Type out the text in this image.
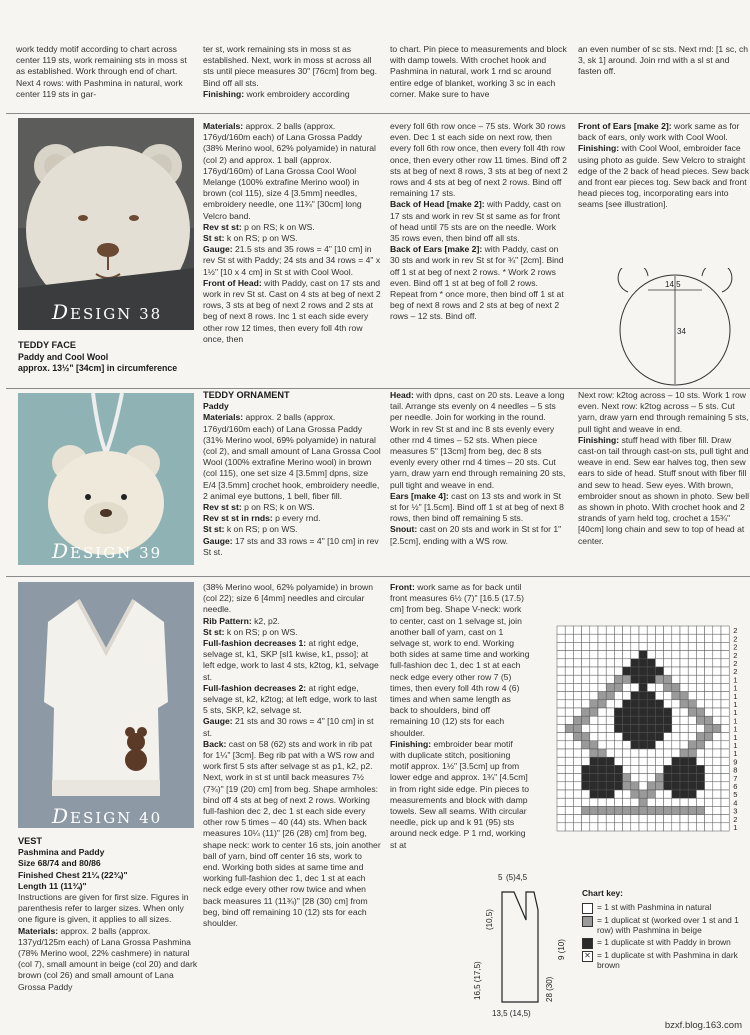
work teddy motif according to chart across center 119 sts, work remaining sts in moss st as established. Work through end of chart. Next 4 rows: with Pashmina in natural, work center 119 sts in gar-

ter st, work remaining sts in moss st as established. Next, work in moss st across all sts until piece measures 30" [76cm] from beg. Bind off all sts.

Finishing: work embroidery according

to chart. Pin piece to measurements and block with damp towels. With crochet hook and Pashmina in natural, work 1 rnd sc around entire edge of blanket, working 3 sc in each corner. Make sure to have

an even number of sc sts. Next rnd: [1 sc, ch 3, sk 1] around. Join rnd with a sl st and fasten off.

DESIGN 38
TEDDY FACE
Paddy and Cool Wool
approx. 13½" [34cm] in circumference

Materials: approx. 2 balls (approx. 176yd/160m each) of Lana Grossa Paddy (38% Merino wool, 62% polyamide) in natural (col 2) and approx. 1 ball (approx. 176yd/160m) of Lana Grossa Cool Wool Melange (100% extrafine Merino wool) in brown (col 115), size 4 [3.5mm] needles, embroidery needle, one 11¾" [30cm] long Velcro band.

Rev st st: p on RS; k on WS.

St st: k on RS; p on WS.

Gauge: 21.5 sts and 35 rows = 4" [10 cm] in rev St st with Paddy; 24 sts and 34 rows = 4" x 1½" [10 x 4 cm] in St st with Cool Wool.

Front of Head: with Paddy, cast on 17 sts and work in rev St st. Cast on 4 sts at beg of next 2 rows, 3 sts at beg of next 2 rows and 2 sts at beg of next 8 rows. Inc 1 st each side every other row 12 times, then every foll 4th row once, then

every foll 6th row once – 75 sts. Work 30 rows even. Dec 1 st each side on next row, then every foll 6th row once, then every foll 4th row once, then every other row 11 times. Bind off 2 sts at beg of next 8 rows, 3 sts at beg of next 2 rows and 4 sts at beg of next 2 rows. Bind off remaining 17 sts.

Back of Head [make 2]: with Paddy, cast on 17 sts and work in rev St st same as for front of head until 75 sts are on the needle. Work 35 rows even, then bind off all sts.

Back of Ears [make 2]: with Paddy, cast on 30 sts and work in rev St st for ¾" [2cm]. Bind off 1 st at beg of next 2 rows. * Work 2 rows even. Bind off 1 st at beg of foll 2 rows. Repeat from * once more, then bind off 1 st at beg of next 8 rows and 2 sts at beg of next 2 rows – 12 sts. Bind off.

Front of Ears [make 2]: work same as for back of ears, only work with Cool Wool.

Finishing: with Cool Wool, embroider face using photo as guide. Sew Velcro to straight edge of the 2 back of head pieces. Sew back and front ear pieces tog. Sew back and front head pieces tog, incorporating ears into seams [see illustration].

14,5
34
DESIGN 39

TEDDY ORNAMENT

Paddy

Materials: approx. 2 balls (approx. 176yd/160m each) of Lana Grossa Paddy (31% Merino wool, 69% polyamide) in natural (col 2), and small amount of Lana Grossa Cool Wool (100% extrafine Merino wool) in brown (col 115), one set size 4 [3.5mm] dpns, size E/4 [3.5mm] crochet hook, embroidery needle, 2 animal eye buttons, 1 bell, fiber fill.

Rev st st: p on RS; k on WS.

Rev st st in rnds: p every rnd.

St st: k on RS; p on WS.

Gauge: 17 sts and 33 rows = 4" [10 cm] in rev St st.

Head: with dpns, cast on 20 sts. Leave a long tail. Arrange sts evenly on 4 needles – 5 sts per needle. Join for working in the round. Work in rev St st and inc 8 sts evenly every other rnd 4 times – 52 sts. When piece measures 5" [13cm] from beg, dec 8 sts evenly every other rnd 4 times – 20 sts. Cut yarn, draw yarn end through remaining 20 sts, pull tight and weave in end.

Ears [make 4]: cast on 13 sts and work in St st for ½" [1.5cm]. Bind off 1 st at beg of next 8 rows, then bind off remaining 5 sts.

Snout: cast on 20 sts and work in St st for 1" [2.5cm], ending with a WS row.

Next row: k2tog across – 10 sts. Work 1 row even. Next row: k2tog across – 5 sts. Cut yarn, draw yarn end through remaining 5 sts, pull tight and weave in end.

Finishing: stuff head with fiber fill. Draw cast-on tail through cast-on sts, pull tight and weave in end. Sew ear halves tog, then sew ears to side of head. Stuff snout with fiber fill and sew to head. Sew eyes. With brown, embroider snout as shown in photo. Sew bell as shown in photo. With crochet hook and 2 strands of yarn held tog, crochet a 15¾" [40cm] long chain and sew to top of head at center.

DESIGN 40

VEST

Pashmina and Paddy

Size 68/74 and 80/86

Finished Chest 21¼ (22¾)"

Length 11 (11¾)"

Instructions are given for first size. Figures in parenthesis refer to larger sizes. When only one figure is given, it applies to all sizes.

Materials: approx. 2 balls (approx. 137yd/125m each) of Lana Grossa Pashmina (78% Merino wool, 22% cashmere) in natural (col 7), small amount in beige (col 20) and dark brown (col 26) and small amount of Lana Grossa Paddy

(38% Merino wool, 62% polyamide) in brown (col 22); size 6 [4mm] needles and circular needle.

Rib Pattern: k2, p2.

St st: k on RS; p on WS.

Full-fashion decreases 1: at right edge, selvage st, k1, SKP [sl1 kwise, k1, psso]; at left edge, work to last 4 sts, k2tog, k1, selvage st.

Full-fashion decreases 2: at right edge, selvage st, k2, k2tog; at left edge, work to last 5 sts, SKP, k2, selvage st.

Gauge: 21 sts and 30 rows = 4" [10 cm] in st st.

Back: cast on 58 (62) sts and work in rib pat for 1¼" [3cm]. Beg rib pat with a WS row and work first 5 sts after selvage st as p1, k2, p2. Next, work in st st until back measures 7½ (7¾)" [19 (20) cm] from beg. Shape armholes: bind off 4 sts at beg of next 2 rows. Working full-fashion dec 2, dec 1 st each side every other row 5 times – 40 (44) sts. When back measures 10¼ (11)" [26 (28) cm] from beg, shape neck: work to center 16 sts, join another ball of yarn, bind off center 16 sts, work to end. Working both sides at same time and working full-fashion dec 1, dec 1 st at each neck edge every other row twice and when back measures 11 (11¾)" [28 (30) cm] from beg, bind off remaining 10 (12) sts for each shoulder.

Front: work same as for back until front measures 6½ (7)" [16.5 (17.5) cm] from beg. Shape V-neck: work to center, cast on 1 selvage st, join another ball of yarn, cast on 1 selvage st, work to end. Working both sides at same time and working full-fashion dec 1, dec 1 st at each neck edge every other row 7 (5) times, then every foll 4th row 4 (6) times and when same length as back to shoulders, bind off remaining 10 (12) sts for each shoulder.

Finishing: embroider bear motif with duplicate stitch, positioning motif approx. 1½" [3.5cm] up from lower edge and approx. 1¾" [4.5cm] in from right side edge. Pin pieces to measurements and block with damp towels. Sew all seams. With circular needle, pick up and k 91 (95) sts around neck edge. P 1 rnd, working st at

5 (5) 4,5
16,5 (17,5)
(10,5)
28 (30)
9 (10)
13,5 (14,5)
2
2
2
2
2
2
1
1
1
1
1
1
1
1
1
1
9
8
7
6
5
4
3
2
1

Chart key:

= 1 st with Pashmina in natural
= 1 duplicat st (worked over 1 st and 1 row) with Pashmina in beige
= 1 duplicate st with Paddy in brown
✕ = 1 duplicate st with Pashmina in dark brown
bzxf.blog.163.com
